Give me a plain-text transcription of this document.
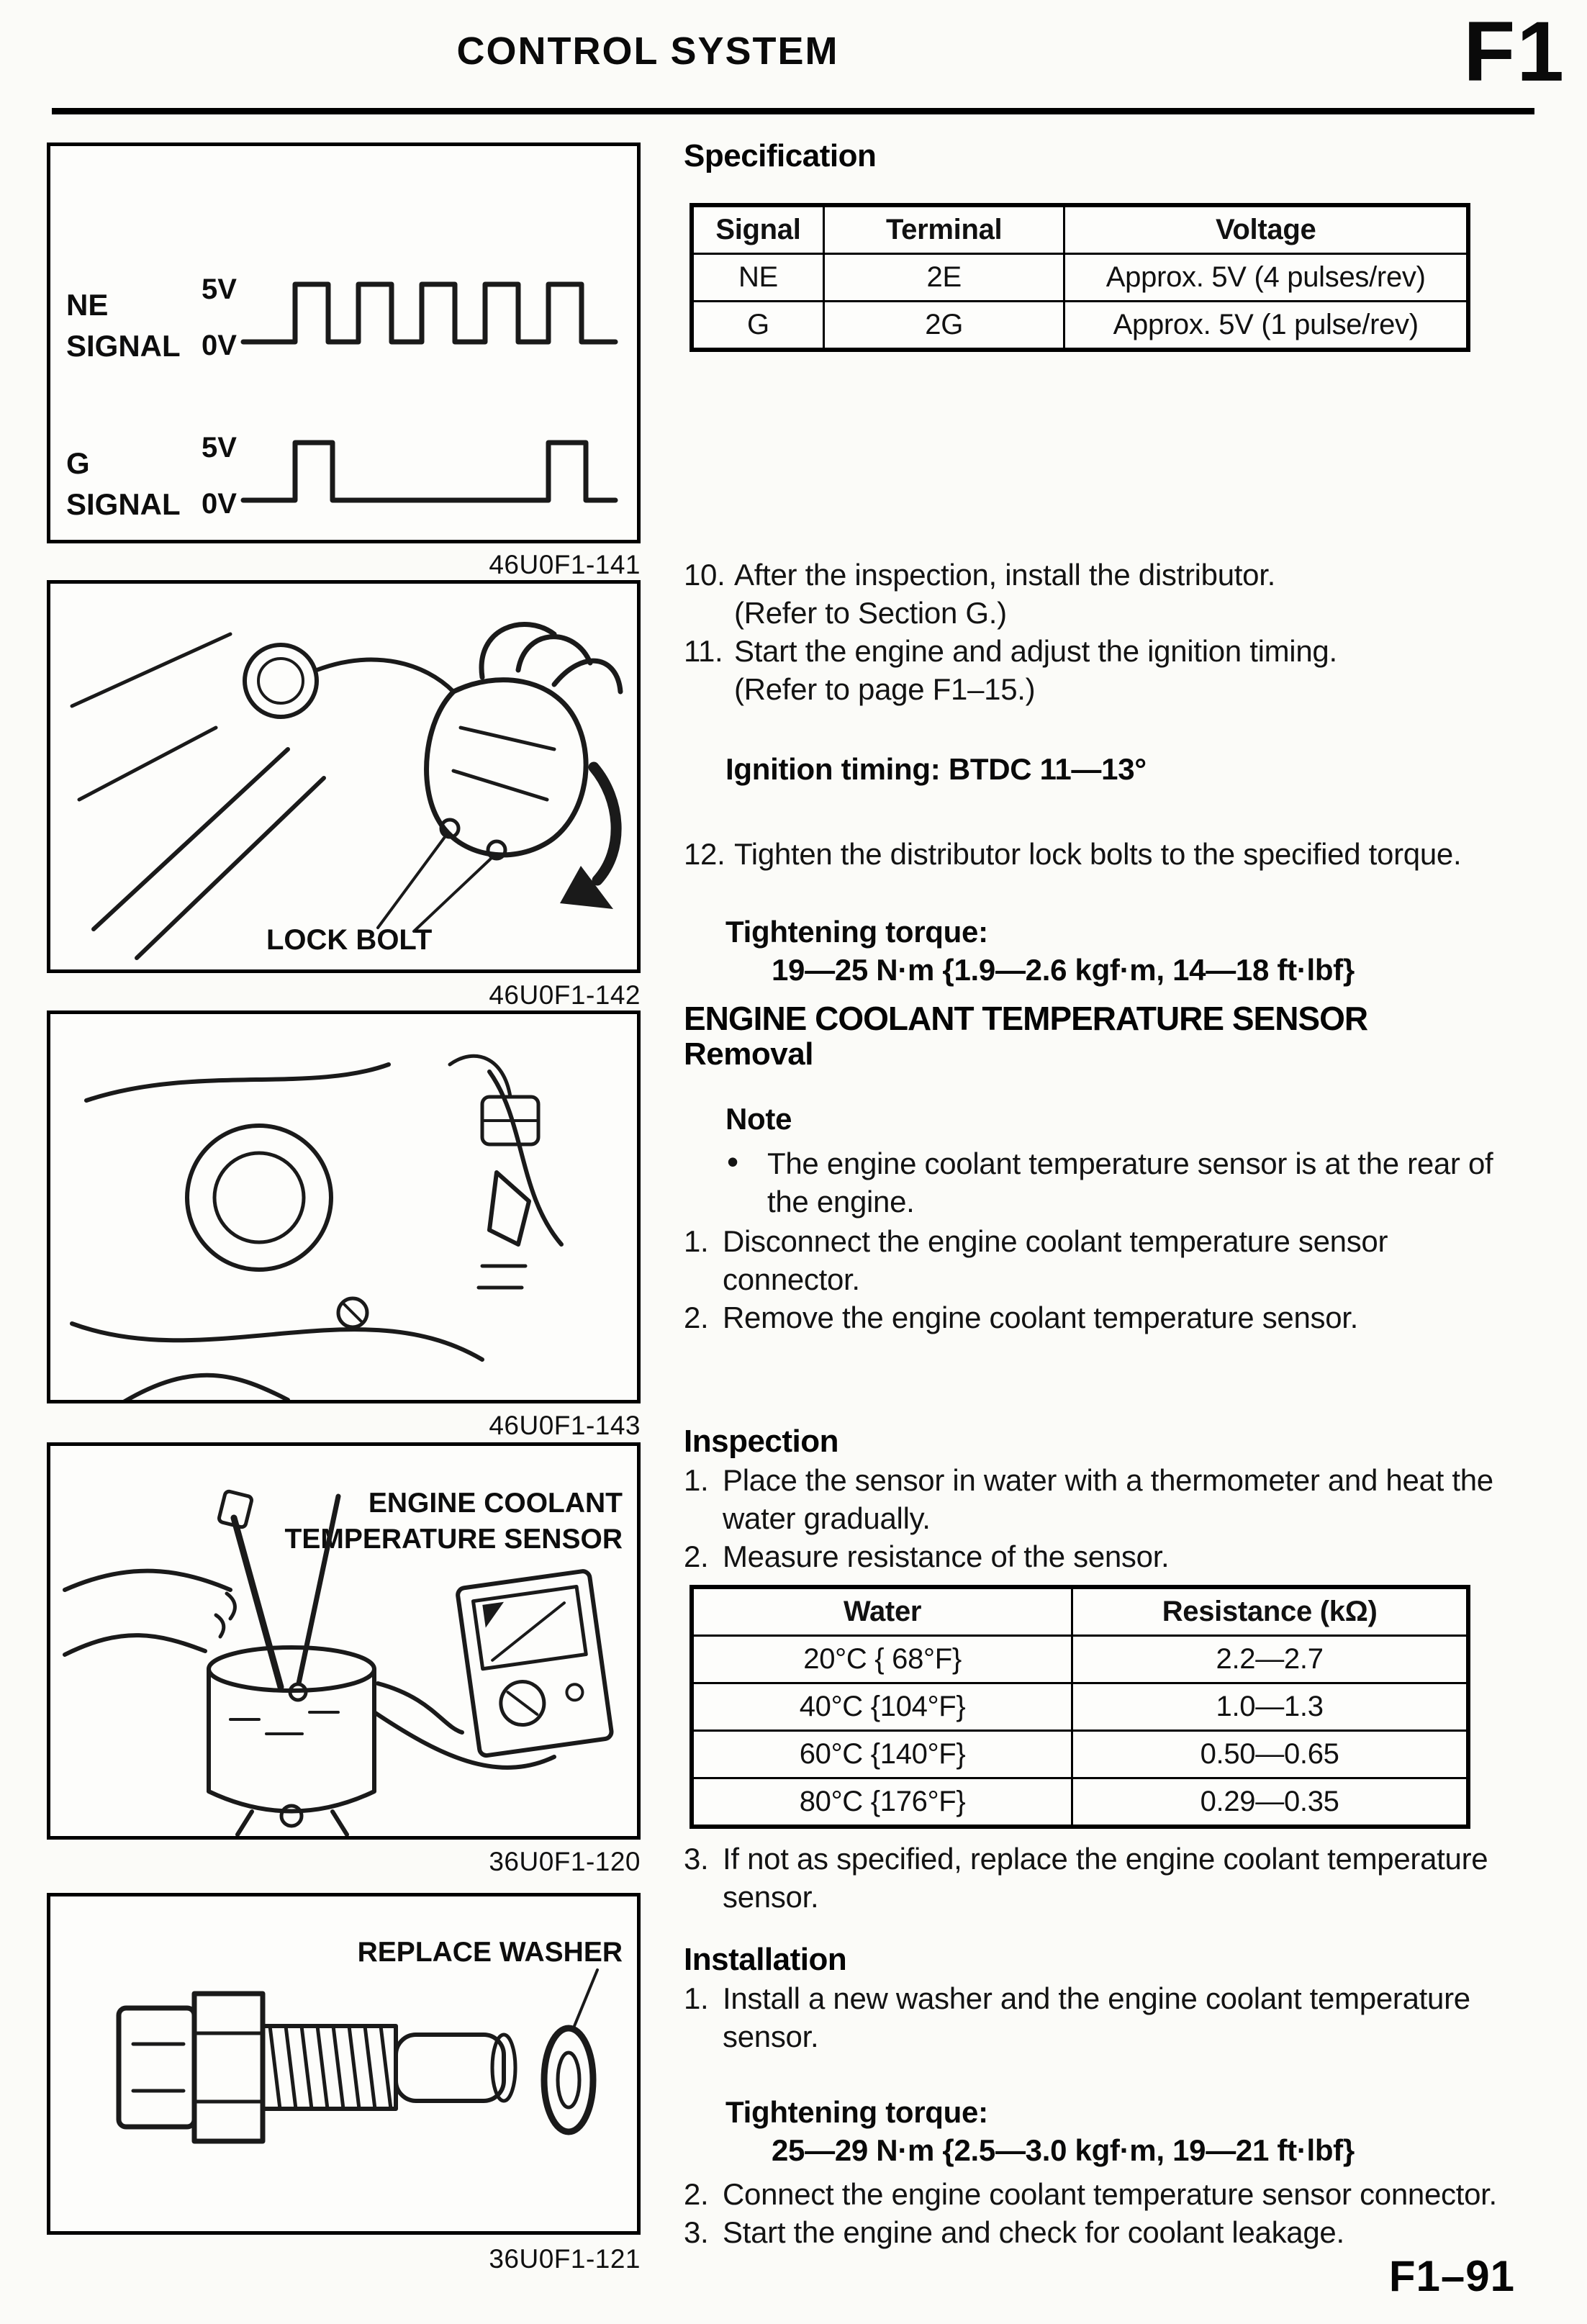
CONTROL SYSTEM	F1
NE
SIGNAL
5V
0V
G
SIGNAL
5V
0V
46U0F1-141
LOCK BOLT
46U0F1-142
46U0F1-143
ENGINE COOLANT
TEMPERATURE SENSOR
36U0F1-120
REPLACE WASHER
36U0F1-121
Specification
Signal	Terminal	Voltage
NE	2E	Approx. 5V (4 pulses/rev)
G	2G	Approx. 5V (1 pulse/rev)
10. After the inspection, install the distributor.
(Refer to Section G.)
11. Start the engine and adjust the ignition timing.
(Refer to page F1–15.)
Ignition timing: BTDC 11—13°
12. Tighten the distributor lock bolts to the specified torque.
Tightening torque:
19—25 N·m {1.9—2.6 kgf·m, 14—18 ft·lbf}
ENGINE COOLANT TEMPERATURE SENSOR
Removal
Note
• The engine coolant temperature sensor is at the rear of the engine.
1. Disconnect the engine coolant temperature sensor connector.
2. Remove the engine coolant temperature sensor.
Inspection
1. Place the sensor in water with a thermometer and heat the water gradually.
2. Measure resistance of the sensor.
Water	Resistance (kΩ)
20°C { 68°F}	2.2—2.7
40°C {104°F}	1.0—1.3
60°C {140°F}	0.50—0.65
80°C {176°F}	0.29—0.35
3. If not as specified, replace the engine coolant temperature sensor.
Installation
1. Install a new washer and the engine coolant temperature sensor.
Tightening torque:
25—29 N·m {2.5—3.0 kgf·m, 19—21 ft·lbf}
2. Connect the engine coolant temperature sensor connector.
3. Start the engine and check for coolant leakage.
F1–91
